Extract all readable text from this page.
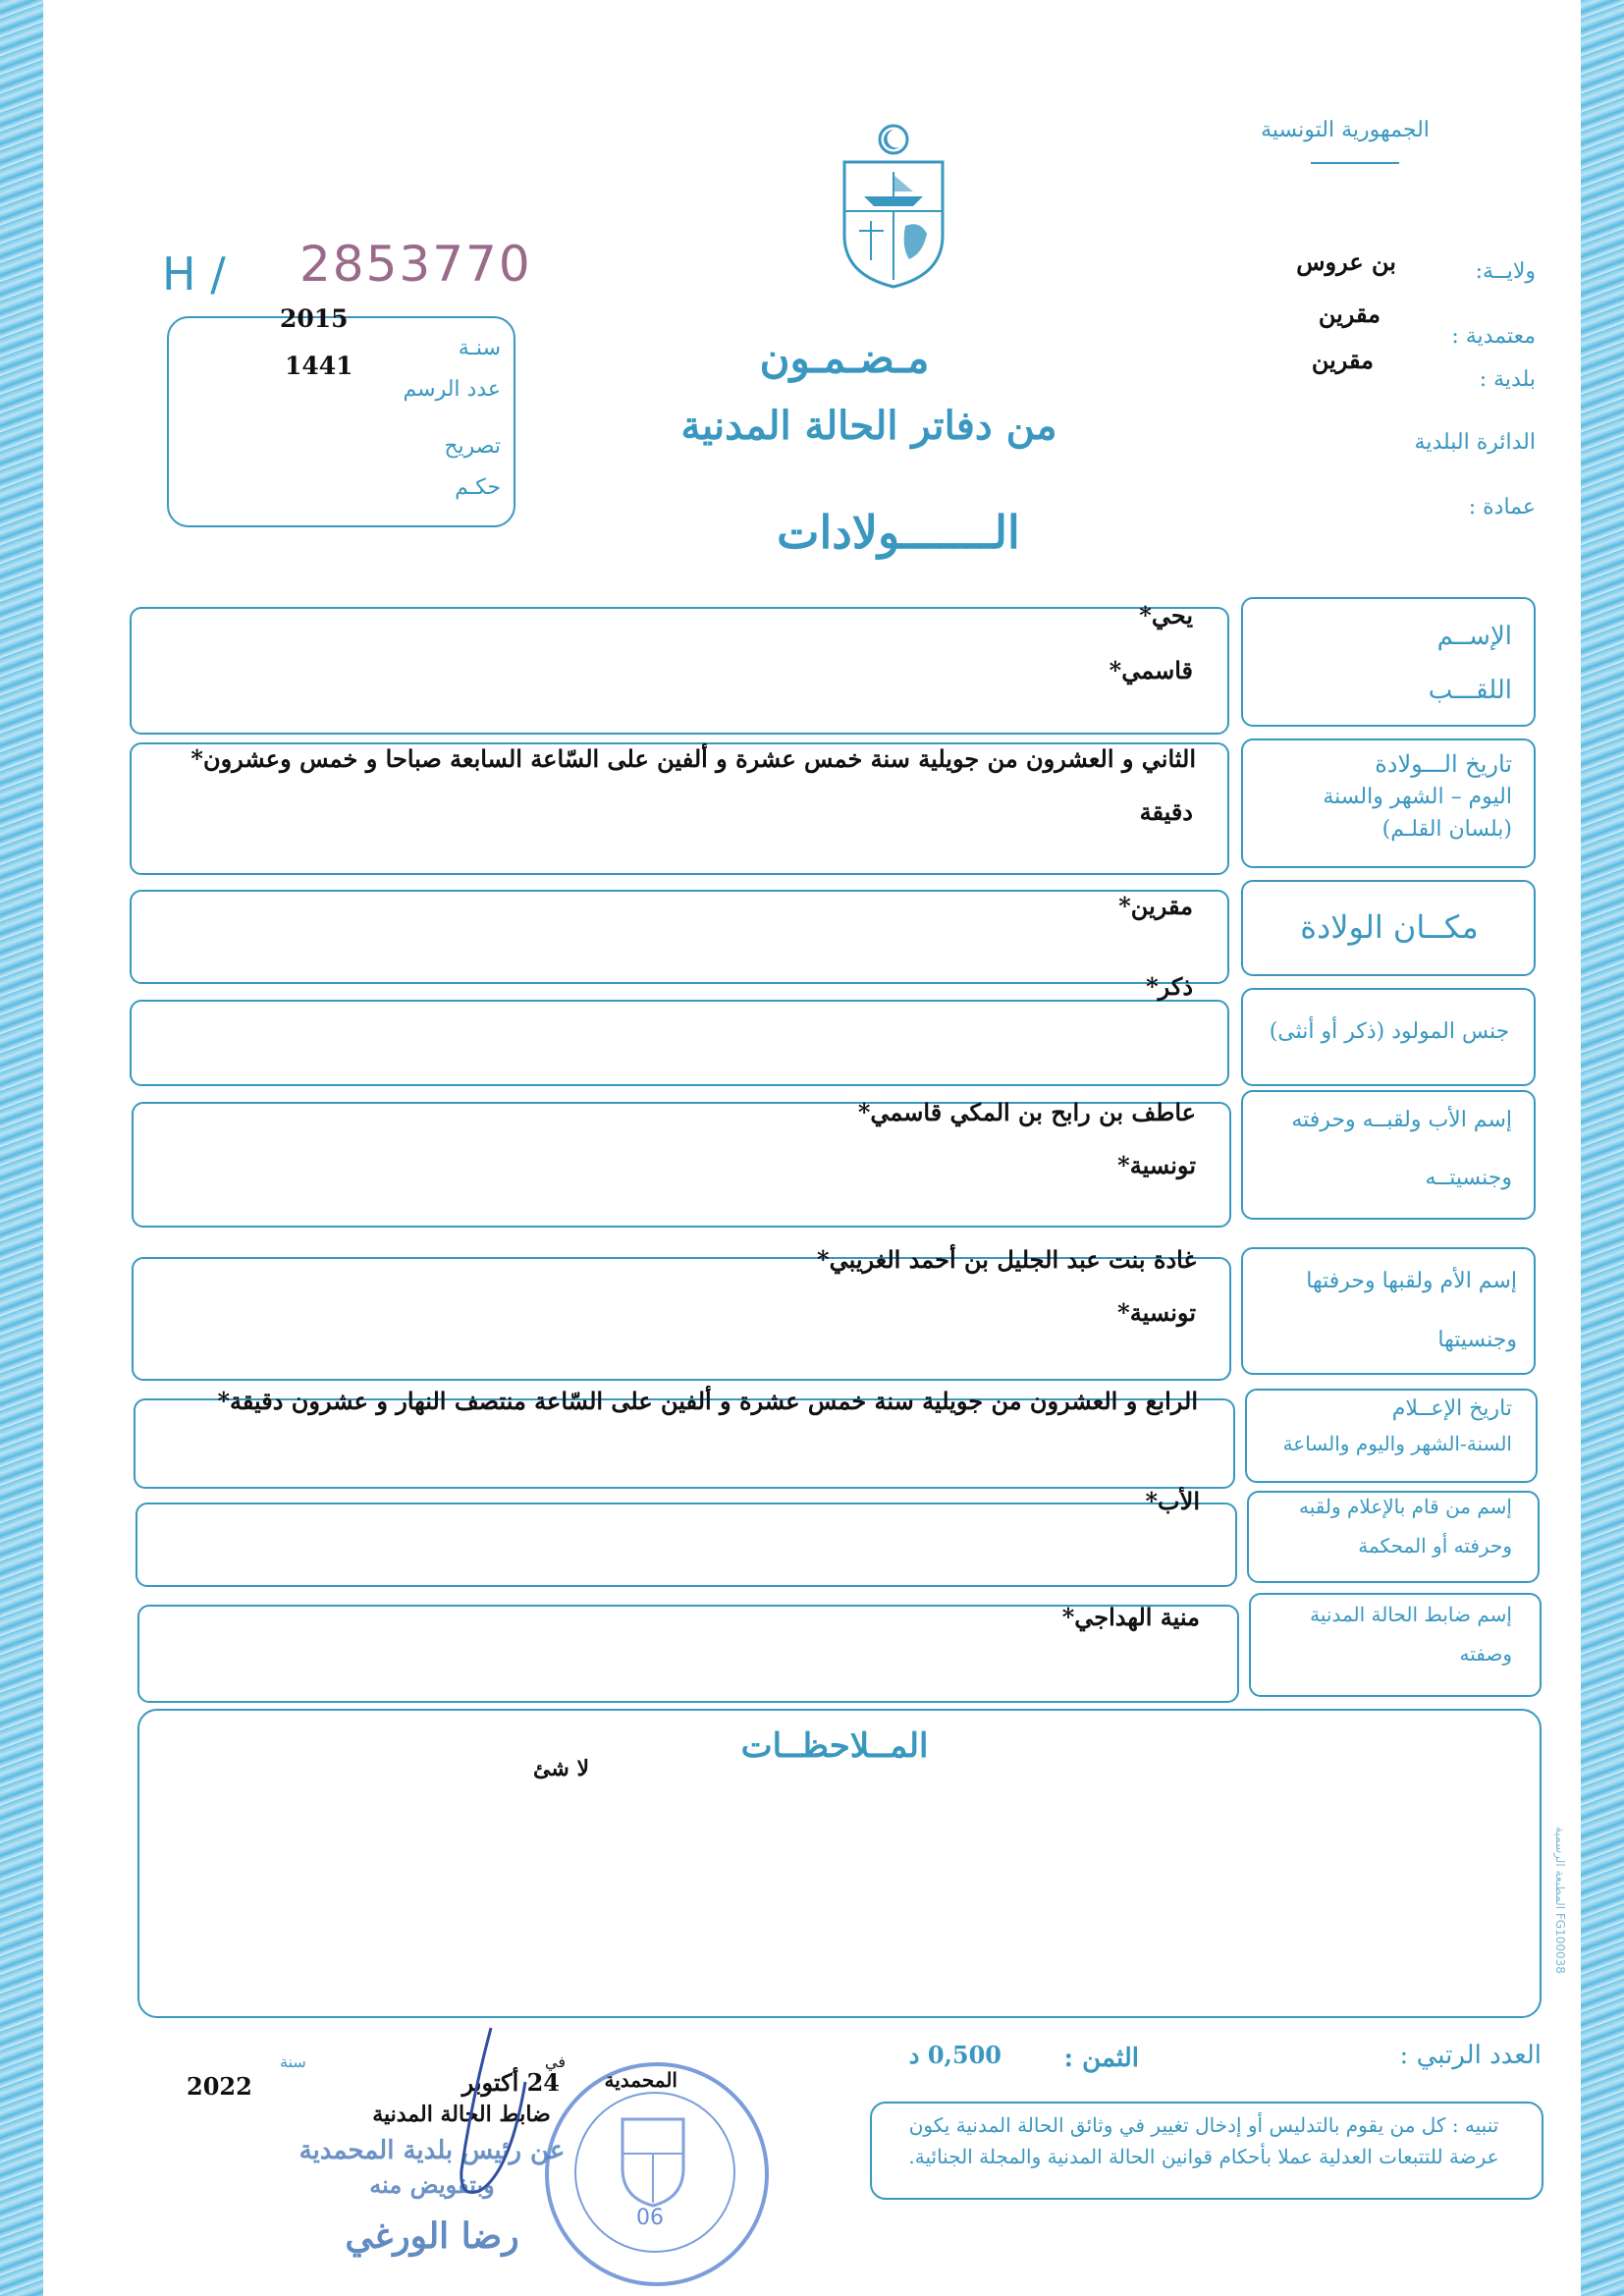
الجمهورية التونسية
H / 2853770	ولايــة:
بن عروس
معتمدية :
مقرين
بلدية :
مقرين
الدائرة البلدية
عمادة :
2015
سنـة
1441
عدد الرسم
تصريح
حكـم
مـضـمـون
من دفاتر الحالة المدنية
الـــــــولادات
الإســم
اللقـــب
يحي*
قاسمي*
تاريخ الـــولادة
اليوم – الشهر والسنة
(بلسان القلـم)
الثاني و العشرون من جويلية سنة خمس عشرة و ألفين على السّاعة السابعة صباحا و خمس وعشرون*
دقيقة
مكــان الولادة
مقرين*
جنس المولود (ذكر أو أنثى)
ذكر*
إسم الأب ولقبــه وحرفته
وجنسيتــه
عاطف بن رابح بن المكي قاسمي*
تونسية*
إسم الأم ولقبها وحرفتها
وجنسيتها
غادة بنت عبد الجليل بن أحمد الغريبي*
تونسية*
تاريخ الإعــلام
السنة-الشهر واليوم والساعة
الرابع و العشرون من جويلية سنة خمس عشرة و ألفين على السّاعة منتصف النهار و عشرون دقيقة*
إسم من قام بالإعلام ولقبه
وحرفته أو المحكمة
الأب*
إسم ضابط الحالة المدنية
وصفته
منية الهداجي*
المــلاحظــات
لا شئ
المطبعة الرسمية FG100038
العدد الرتبي :
الثمن :
0,500 د
تنبيه : كل من يقوم بالتدليس أو إدخال تغيير في وثائق الحالة المدنية يكون عرضة للتتبعات العدلية عملا بأحكام قوانين الحالة المدنية والمجلة الجنائية.
المحمدية
في
24 أكتوبر
سنة
2022
ضابط الحالة المدنية
عن رئيس بلدية المحمدية
وبتفويض منه
رضا الورغي	06
